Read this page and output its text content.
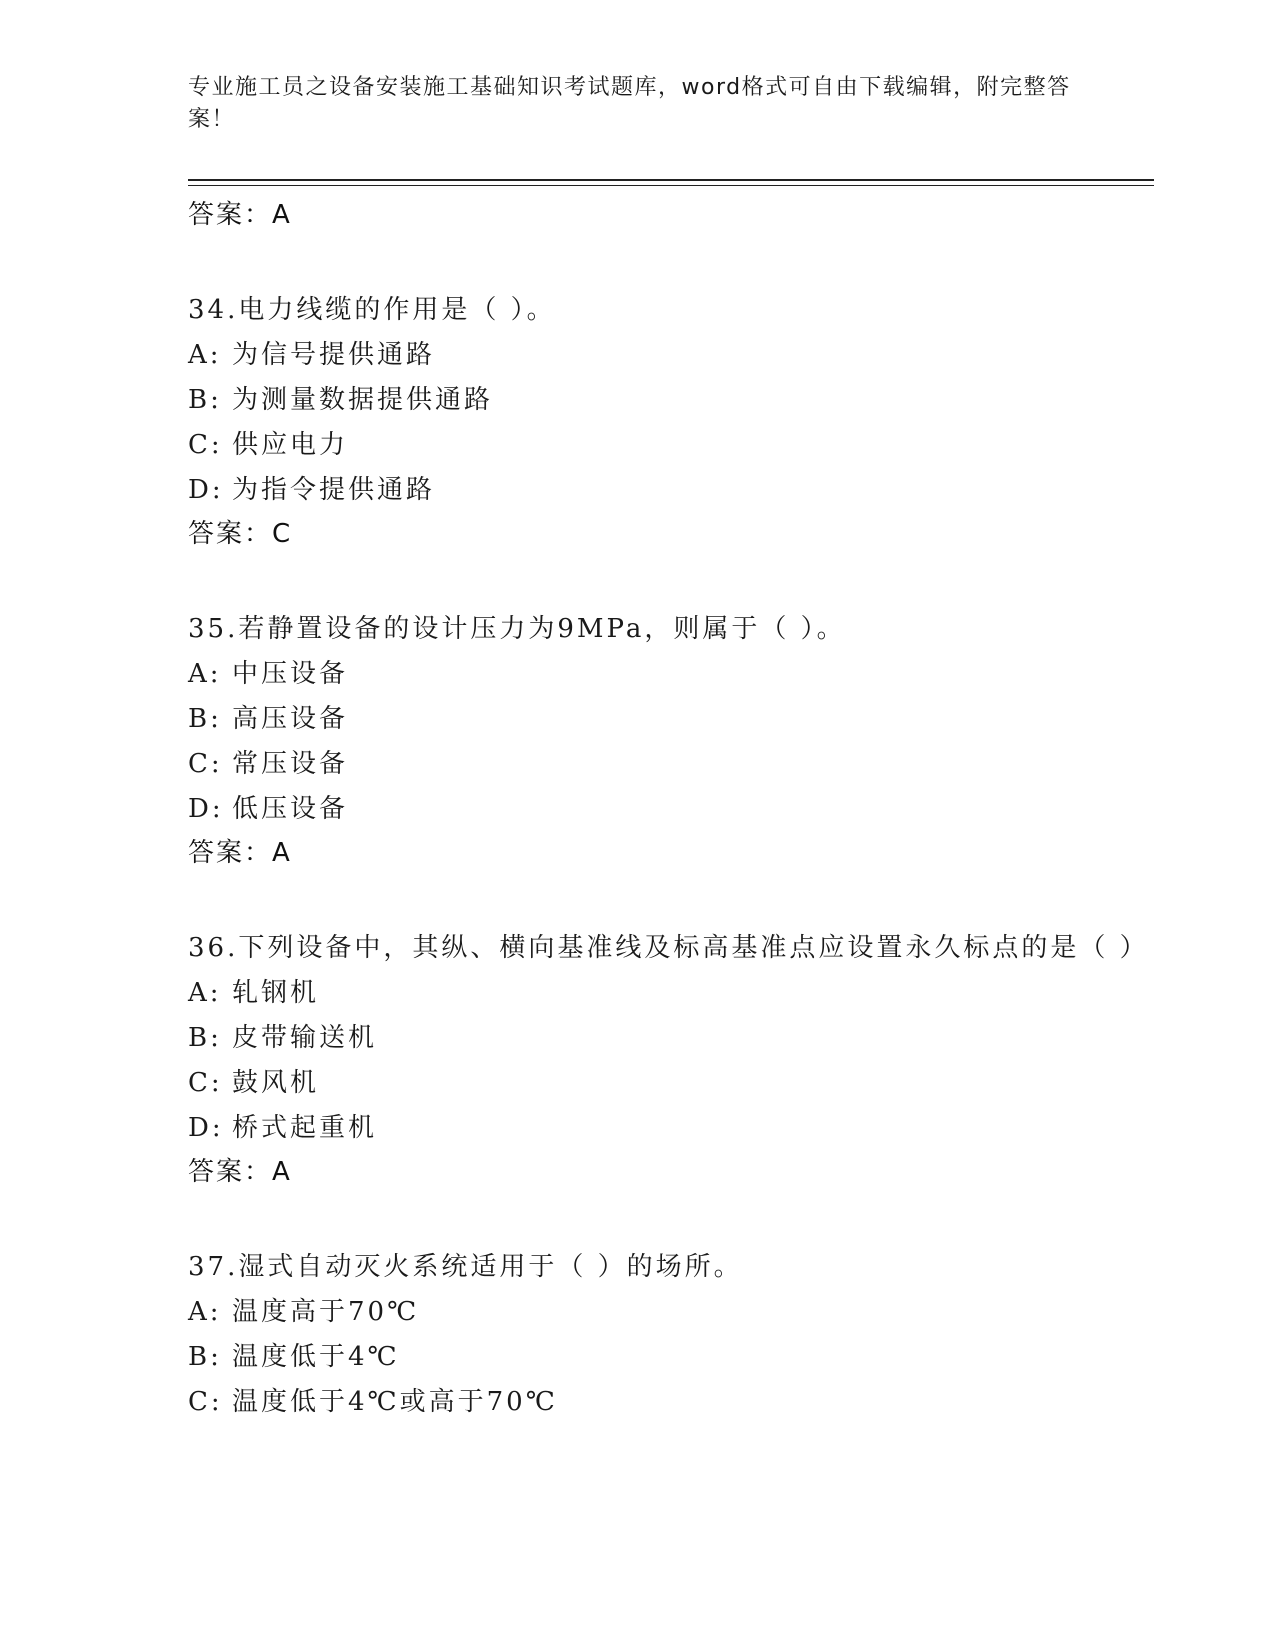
专业施工员之设备安装施工基础知识考试题库，word格式可自由下载编辑，附完整答案！
答案：A
34.电力线缆的作用是（ ）。
A: 为信号提供通路
B: 为测量数据提供通路
C: 供应电力
D: 为指令提供通路
答案：C
35.若静置设备的设计压力为9MPa，则属于（ ）。
A: 中压设备
B: 高压设备
C: 常压设备
D: 低压设备
答案：A
36.下列设备中，其纵、横向基准线及标高基准点应设置永久标点的是（ ）
A: 轧钢机
B: 皮带输送机
C: 鼓风机
D: 桥式起重机
答案：A
37.湿式自动灭火系统适用于（ ）的场所。
A: 温度高于70℃
B: 温度低于4℃
C: 温度低于4℃或高于70℃
